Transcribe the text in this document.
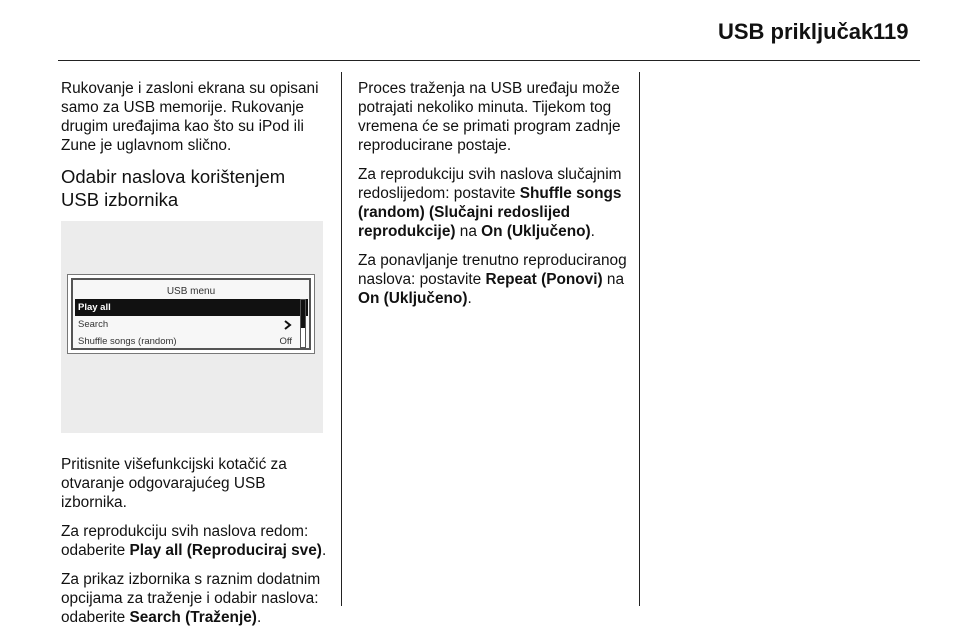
USB priključak 119

Rukovanje i zasloni ekrana su opisani samo za USB memorije. Rukovanje drugim uređajima kao što su iPod ili Zune je uglavnom slično.

Odabir naslova korištenjem
USB izbornika
USB menu
Play all
Search
Shuffle songs (random)	Off

Pritisnite višefunkcijski kotačić za otvaranje odgovarajućeg USB izbornika.

Za reprodukciju svih naslova redom: odaberite Play all (Reproduciraj sve).

Za prikaz izbornika s raznim dodatnim opcijama za traženje i odabir naslova: odaberite Search (Traženje).

Proces traženja na USB uređaju može potrajati nekoliko minuta. Tijekom tog vremena će se primati program zadnje reproducirane postaje.

Za reprodukciju svih naslova slučajnim redoslijedom: postavite Shuffle songs (random) (Slučajni redoslijed reprodukcije) na On (Uključeno).

Za ponavljanje trenutno reproduciranog naslova: postavite Repeat (Ponovi) na On (Uključeno).
